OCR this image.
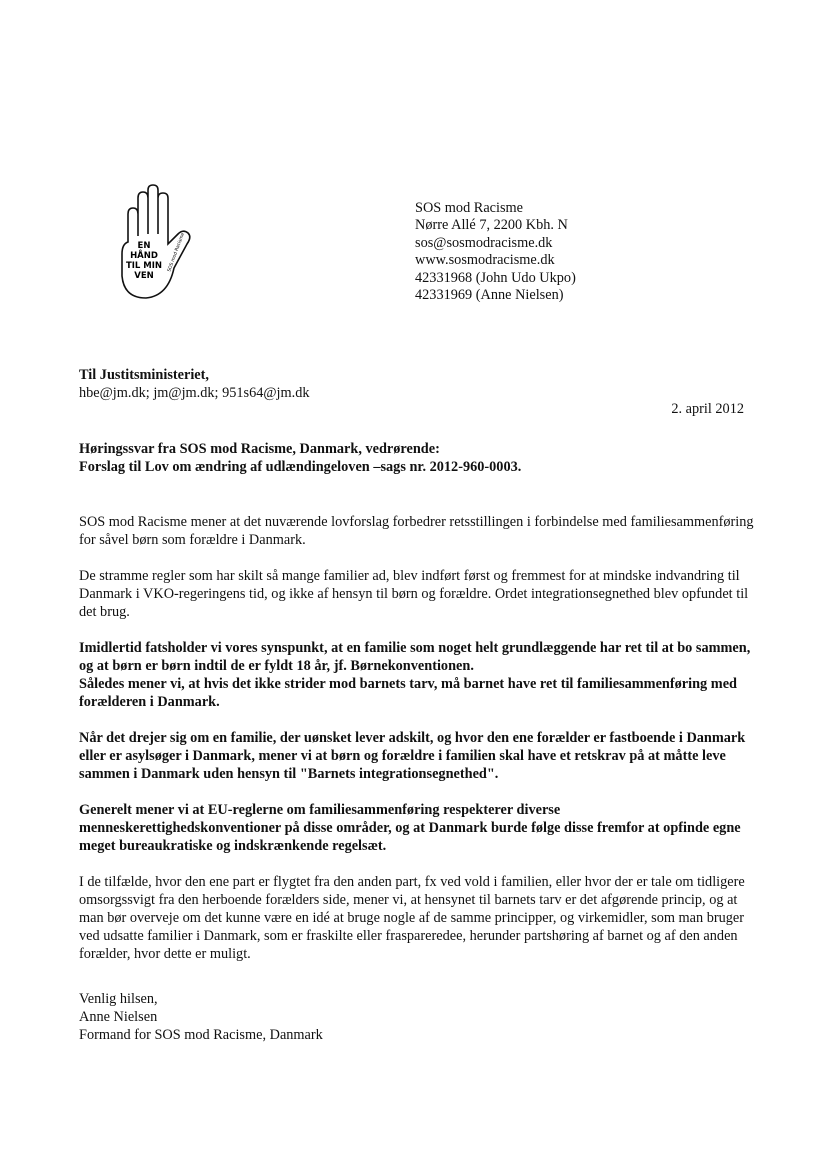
EN
HÅND
TIL MIN
VEN
SOS mod Racisme
SOS mod Racisme
Nørre Allé 7, 2200 Kbh. N
sos@sosmodracisme.dk
www.sosmodracisme.dk
42331968 (John Udo Ukpo)
42331969 (Anne Nielsen)
Til Justitsministeriet,
hbe@jm.dk; jm@jm.dk; 951s64@jm.dk
2. april 2012
Høringssvar fra SOS mod Racisme, Danmark, vedrørende:
Forslag til Lov om ændring af udlændingeloven –sags nr. 2012-960-0003.

SOS mod Racisme mener at det nuværende lovforslag forbedrer retsstillingen i forbindelse med familiesammenføring for såvel børn som forældre i Danmark.

De stramme regler som har skilt så mange familier ad, blev indført først og fremmest for at mindske indvandring til Danmark i VKO-regeringens tid, og ikke af hensyn til børn og forældre. Ordet integrationsegnethed blev opfundet til det brug.

Imidlertid fatsholder vi vores synspunkt, at en familie som noget helt grundlæggende har ret til at bo sammen, og at børn er børn indtil de er fyldt 18 år, jf. Børnekonventionen.

Således mener vi, at hvis det ikke strider mod barnets tarv, må barnet have ret til familiesammenføring med forælderen i Danmark.

Når det drejer sig om en familie, der uønsket lever adskilt, og hvor den ene forælder er fastboende i Danmark eller er asylsøger i Danmark, mener vi at børn og forældre i familien skal have et retskrav på at måtte leve sammen i Danmark uden hensyn til "Barnets integrationsegnethed".

Generelt mener vi at EU-reglerne om familiesammenføring respekterer diverse menneskerettighedskonventioner på disse områder, og at Danmark burde følge disse fremfor at opfinde egne meget bureaukratiske og indskrænkende regelsæt.

I de tilfælde, hvor den ene part er flygtet fra den anden part, fx ved vold i familien, eller hvor der er tale om tidligere omsorgssvigt fra den herboende forælders side, mener vi, at hensynet til barnets tarv er det afgørende princip, og at man bør overveje om det kunne være en idé at bruge nogle af de samme principper, og virkemidler, som man bruger ved udsatte familier i Danmark, som er fraskilte eller fraspareredee, herunder partshøring af barnet og af den anden forælder, hvor dette er muligt.

Venlig hilsen,
Anne Nielsen
Formand for SOS mod Racisme, Danmark
